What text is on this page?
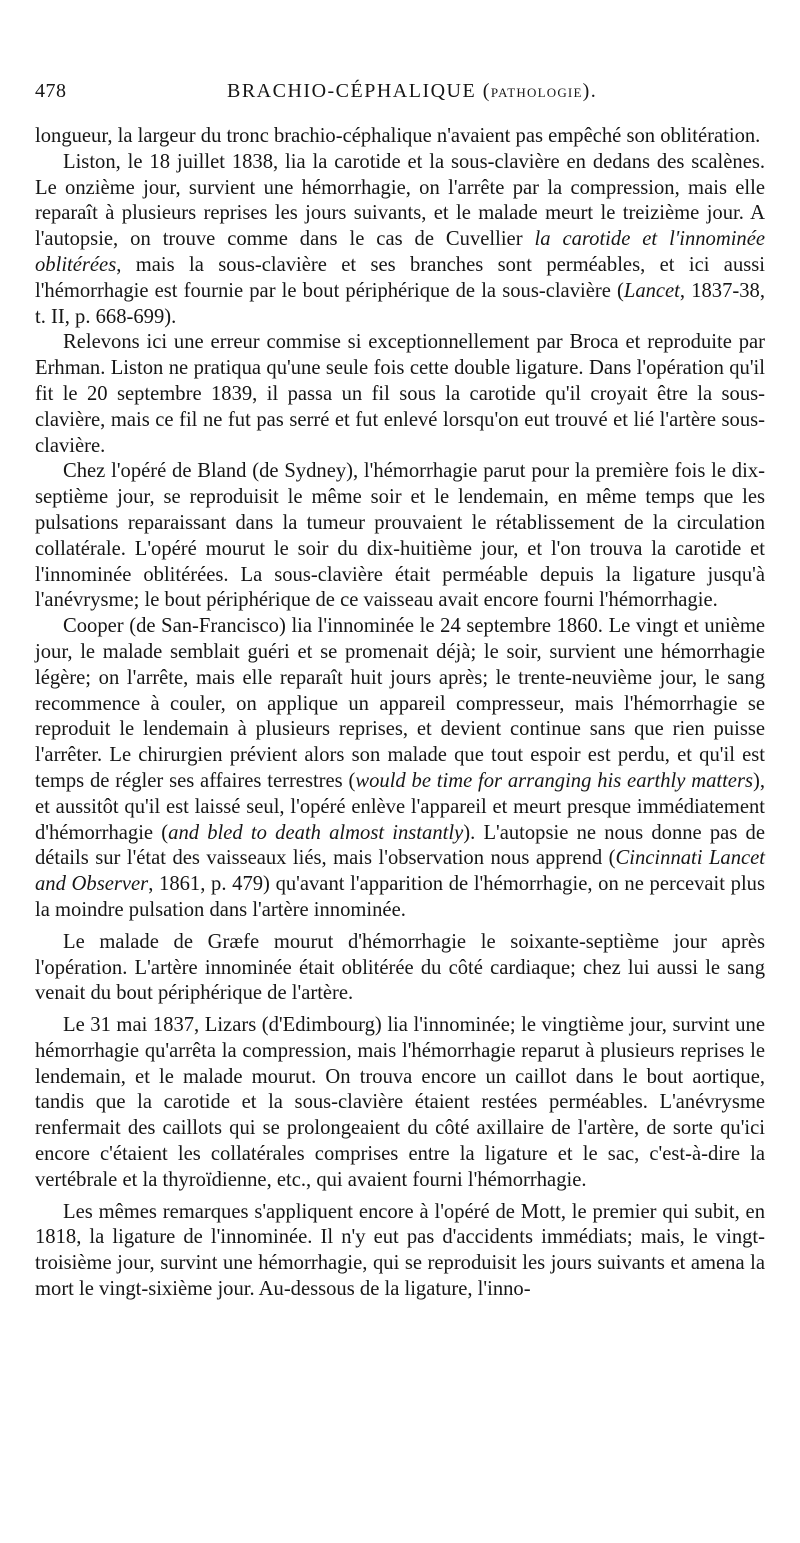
478	BRACHIO-CÉPHALIQUE (PATHOLOGIE).

longueur, la largeur du tronc brachio-céphalique n'avaient pas empêché son oblitération.

Liston, le 18 juillet 1838, lia la carotide et la sous-clavière en dedans des scalènes. Le onzième jour, survient une hémorrhagie, on l'arrête par la compression, mais elle reparaît à plusieurs reprises les jours suivants, et le malade meurt le treizième jour. A l'autopsie, on trouve comme dans le cas de Cuvellier la carotide et l'innominée oblitérées, mais la sous-clavière et ses branches sont perméables, et ici aussi l'hémorrhagie est fournie par le bout périphérique de la sous-clavière (Lancet, 1837-38, t. II, p. 668-699).

Relevons ici une erreur commise si exceptionnellement par Broca et reproduite par Erhman. Liston ne pratiqua qu'une seule fois cette double ligature. Dans l'opération qu'il fit le 20 septembre 1839, il passa un fil sous la carotide qu'il croyait être la sous-clavière, mais ce fil ne fut pas serré et fut enlevé lorsqu'on eut trouvé et lié l'artère sous-clavière.

Chez l'opéré de Bland (de Sydney), l'hémorrhagie parut pour la première fois le dix-septième jour, se reproduisit le même soir et le lendemain, en même temps que les pulsations reparaissant dans la tumeur prouvaient le rétablissement de la circulation collatérale. L'opéré mourut le soir du dix-huitième jour, et l'on trouva la carotide et l'innominée oblitérées. La sous-clavière était perméable depuis la ligature jusqu'à l'anévrysme; le bout périphérique de ce vaisseau avait encore fourni l'hémorrhagie.

Cooper (de San-Francisco) lia l'innominée le 24 septembre 1860. Le vingt et unième jour, le malade semblait guéri et se promenait déjà; le soir, survient une hémorrhagie légère; on l'arrête, mais elle reparaît huit jours après; le trente-neuvième jour, le sang recommence à couler, on applique un appareil compresseur, mais l'hémorrhagie se reproduit le lendemain à plusieurs reprises, et devient continue sans que rien puisse l'arrêter. Le chirurgien prévient alors son malade que tout espoir est perdu, et qu'il est temps de régler ses affaires terrestres (would be time for arranging his earthly matters), et aussitôt qu'il est laissé seul, l'opéré enlève l'appareil et meurt presque immédiatement d'hémorrhagie (and bled to death almost instantly). L'autopsie ne nous donne pas de détails sur l'état des vaisseaux liés, mais l'observation nous apprend (Cincinnati Lancet and Observer, 1861, p. 479) qu'avant l'apparition de l'hémorrhagie, on ne percevait plus la moindre pulsation dans l'artère innominée.

Le malade de Græfe mourut d'hémorrhagie le soixante-septième jour après l'opération. L'artère innominée était oblitérée du côté cardiaque; chez lui aussi le sang venait du bout périphérique de l'artère.

Le 31 mai 1837, Lizars (d'Edimbourg) lia l'innominée; le vingtième jour, survint une hémorrhagie qu'arrêta la compression, mais l'hémorrhagie reparut à plusieurs reprises le lendemain, et le malade mourut. On trouva encore un caillot dans le bout aortique, tandis que la carotide et la sous-clavière étaient restées perméables. L'anévrysme renfermait des caillots qui se prolongeaient du côté axillaire de l'artère, de sorte qu'ici encore c'étaient les collatérales comprises entre la ligature et le sac, c'est-à-dire la vertébrale et la thyroïdienne, etc., qui avaient fourni l'hémorrhagie.

Les mêmes remarques s'appliquent encore à l'opéré de Mott, le premier qui subit, en 1818, la ligature de l'innominée. Il n'y eut pas d'accidents immédiats; mais, le vingt-troisième jour, survint une hémorrhagie, qui se reproduisit les jours suivants et amena la mort le vingt-sixième jour. Au-dessous de la ligature, l'inno-
